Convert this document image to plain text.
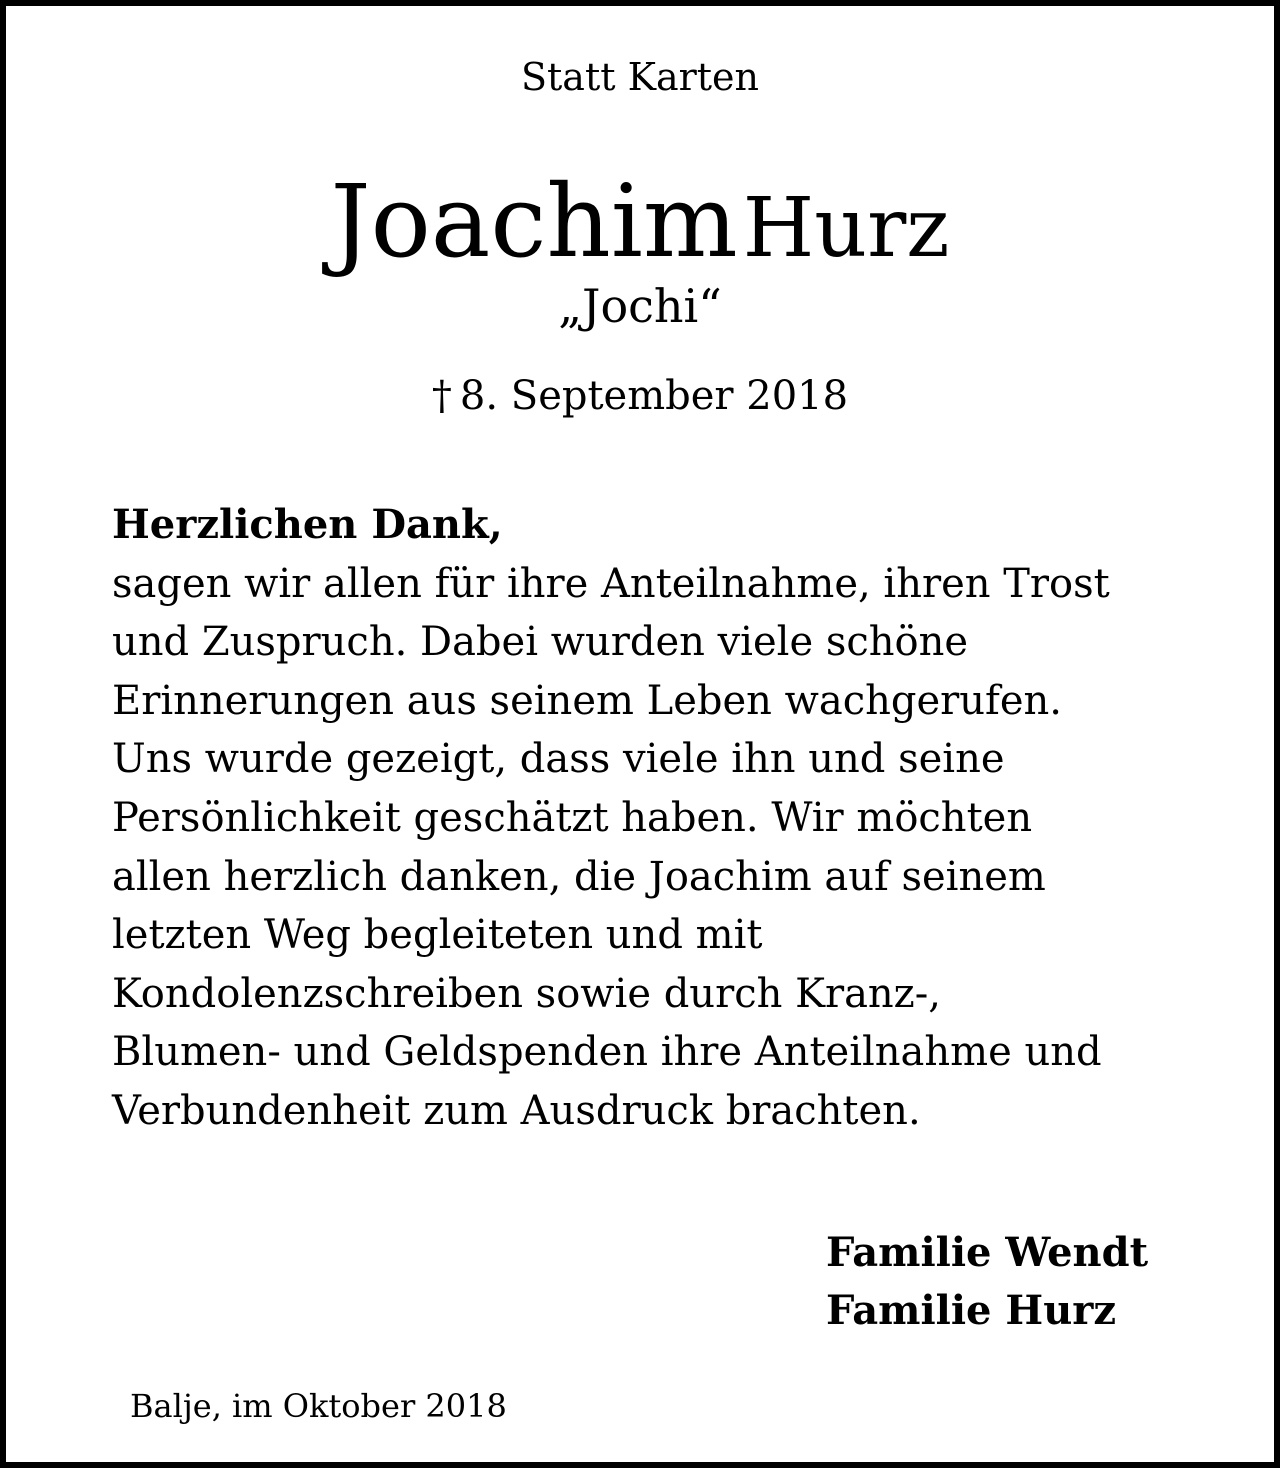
Statt Karten
Joachim Hurz
„Jochi“
† 8. September 2018
Herzlichen Dank,
sagen wir allen für ihre Anteilnahme, ihren Trost
und Zuspruch. Dabei wurden viele schöne
Erinnerungen aus seinem Leben wachgerufen.
Uns wurde gezeigt, dass viele ihn und seine
Persönlichkeit geschätzt haben. Wir möchten
allen herzlich danken, die Joachim auf seinem
letzten Weg begleiteten und mit
Kondolenzschreiben sowie durch Kranz-,
Blumen- und Geldspenden ihre Anteilnahme und
Verbundenheit zum Ausdruck brachten.
Familie Wendt
Familie Hurz
Balje, im Oktober 2018
